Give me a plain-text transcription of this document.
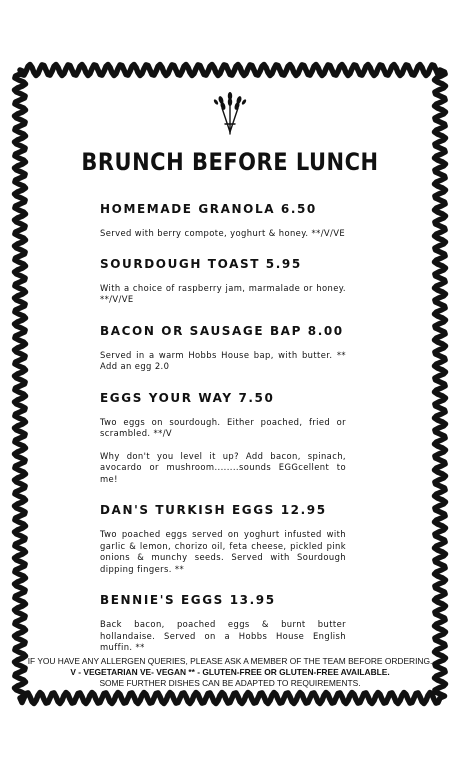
BRUNCH BEFORE LUNCH
HOMEMADE GRANOLA 6.50

Served with berry compote, yoghurt & honey. **/V/VE

SOURDOUGH TOAST 5.95

With a choice of raspberry jam, marmalade or honey. **/V/VE

BACON OR SAUSAGE BAP 8.00

Served in a warm Hobbs House bap, with butter. ** Add an egg 2.0

EGGS YOUR WAY 7.50

Two eggs on sourdough. Either poached, fried or scrambled. **/V

Why don't you level it up? Add bacon, spinach, avocardo or mushroom........sounds EGGcellent to me!

DAN'S TURKISH EGGS 12.95

Two poached eggs served on yoghurt infusted with garlic & lemon, chorizo oil, feta cheese, pickled pink onions & munchy seeds. Served with Sourdough dipping fingers. **

BENNIE'S EGGS 13.95

Back bacon, poached eggs & burnt butter hollandaise. Served on a Hobbs House English muffin. **

IF YOU HAVE ANY ALLERGEN QUERIES, PLEASE ASK A MEMBER OF THE TEAM BEFORE ORDERING.
V - VEGETARIAN VE- VEGAN ** - GLUTEN-FREE OR GLUTEN-FREE AVAILABLE.
SOME FURTHER DISHES CAN BE ADAPTED TO REQUIREMENTS.
